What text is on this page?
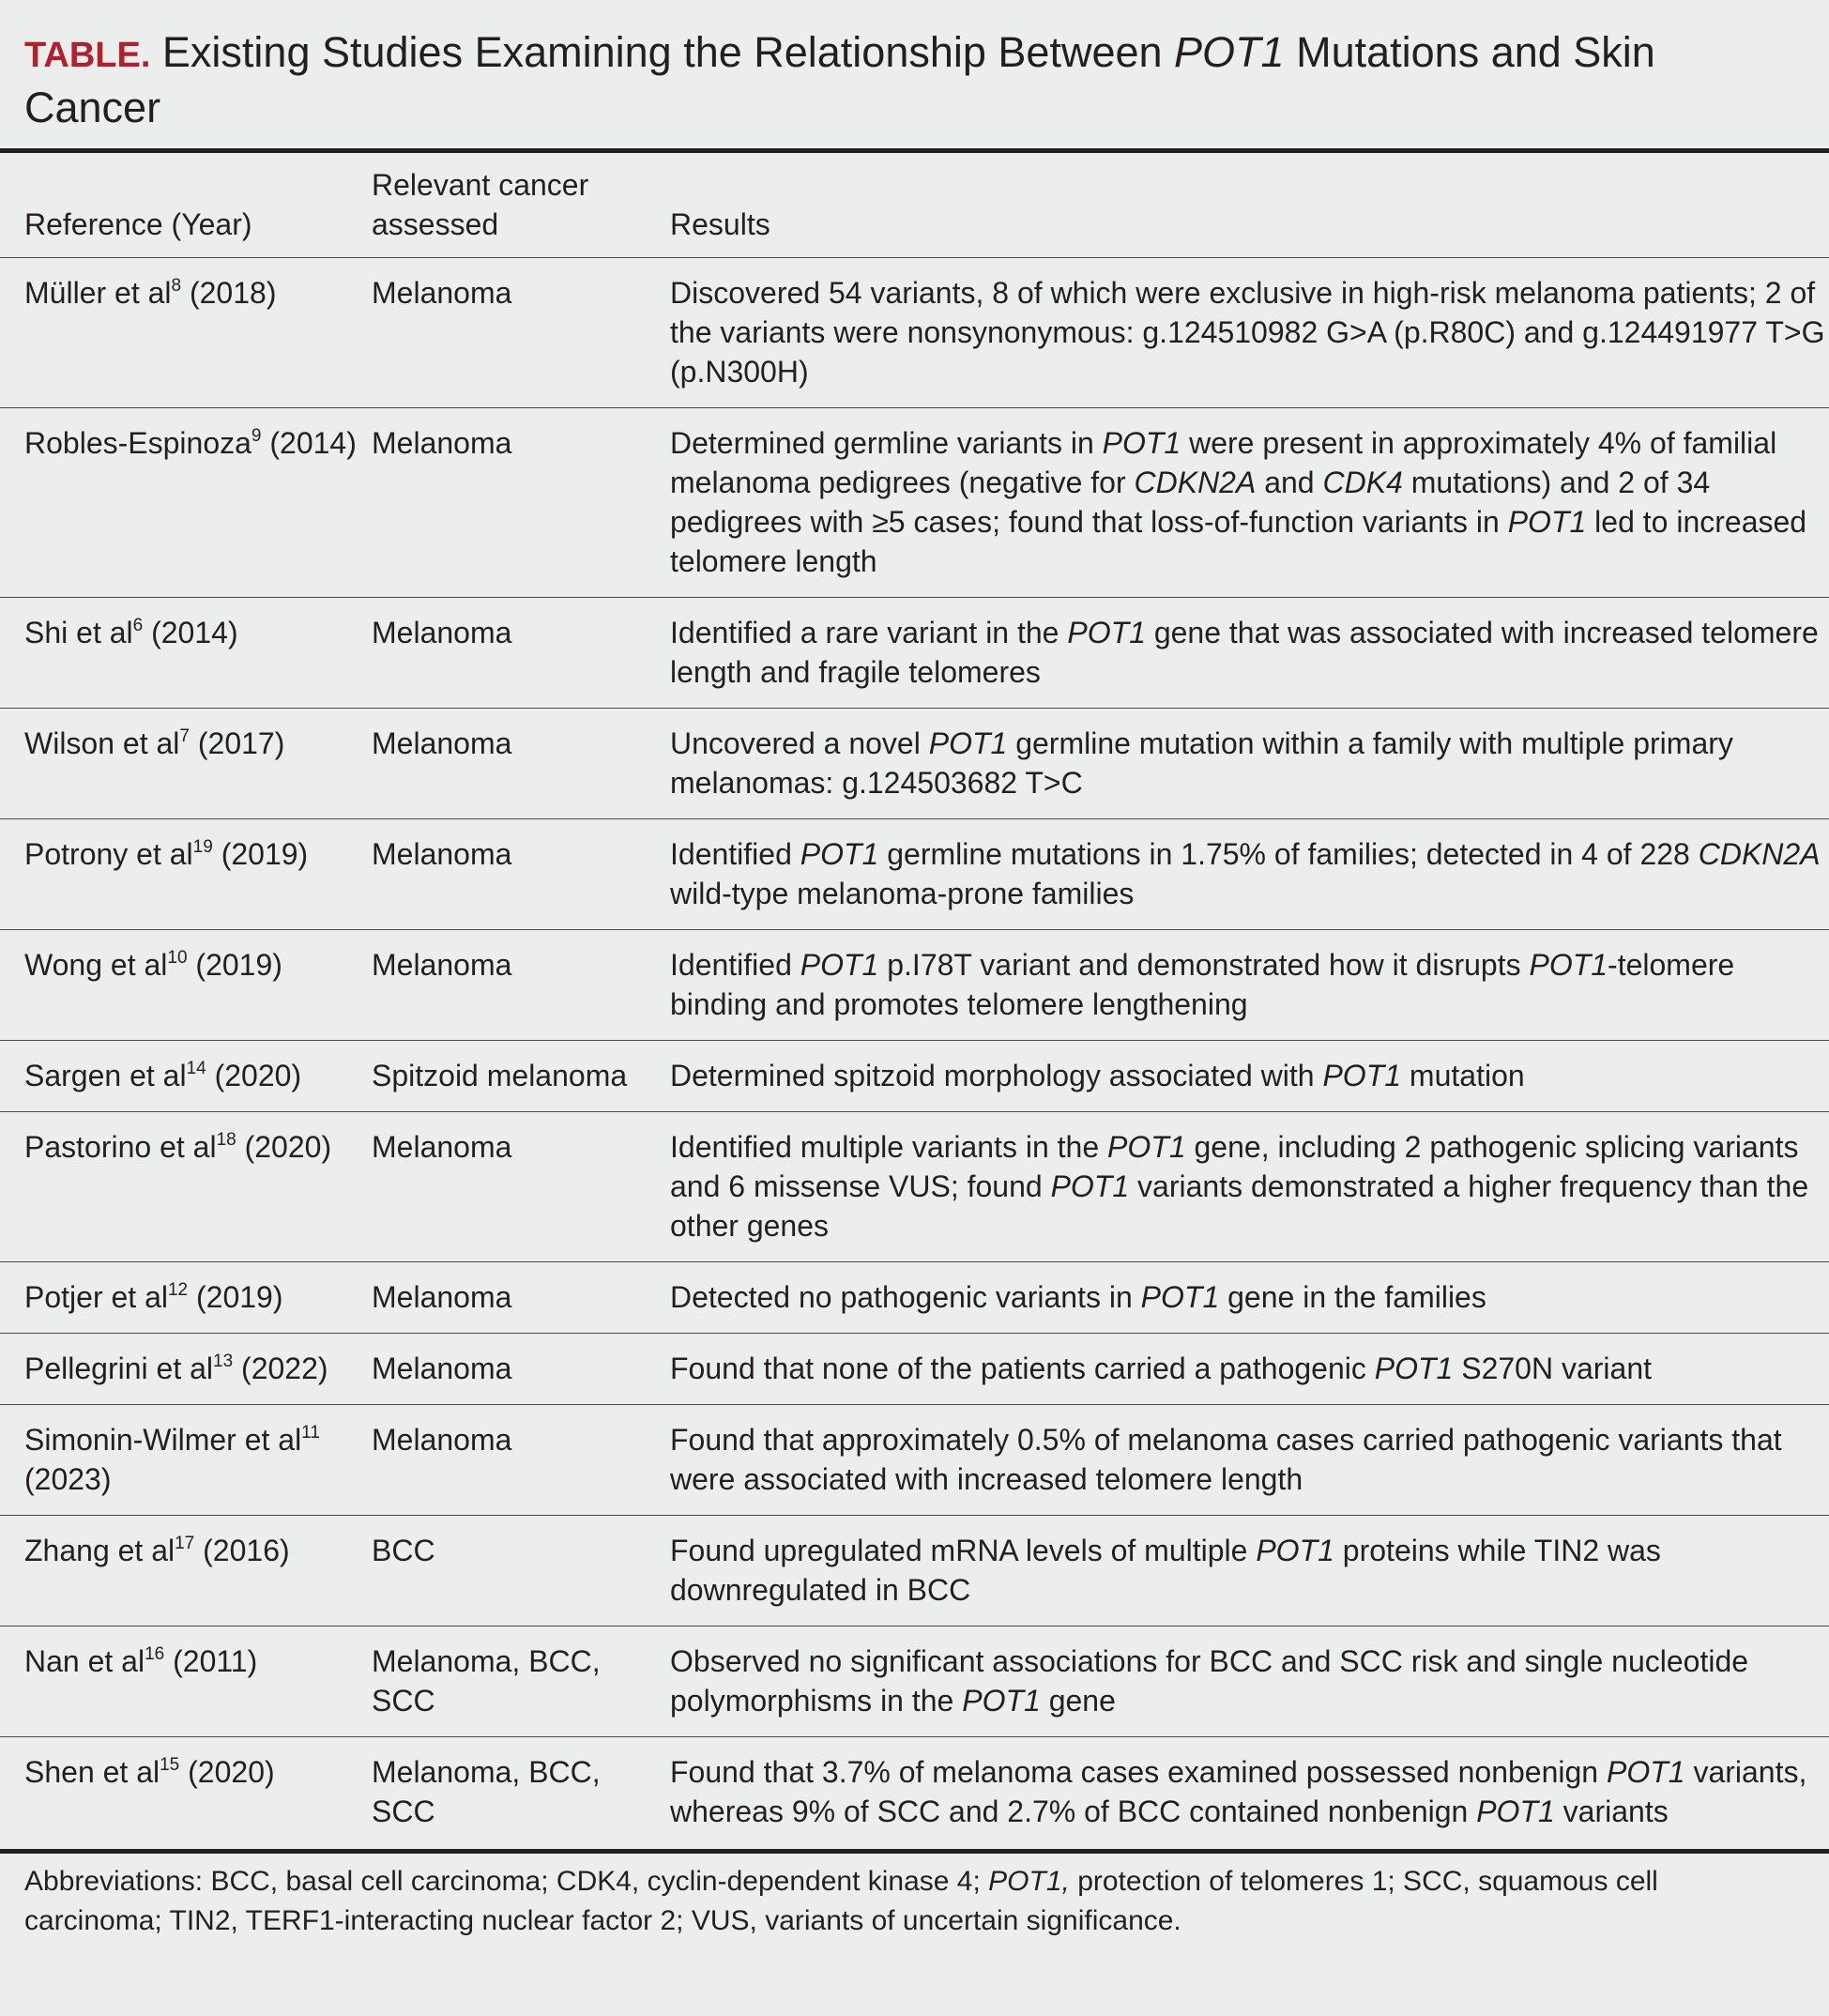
TABLE. Existing Studies Examining the Relationship Between POT1 Mutations and Skin Cancer
Reference (Year)	Relevant cancer assessed	Results
Müller et $al^8$ (2018)	Melanoma	Discovered 54 variants, 8 of which were exclusive in high-risk melanoma patients; 2 of the variants were nonsynonymous: g.124510982 G>A (p.R80C) and g.124491977 T>G (p.N300H)
Robles-Espinoza$^9$ (2014)	Melanoma	Determined germline variants in POT1 were present in approximately 4% of familial melanoma pedigrees (negative for CDKN2A and CDK4 mutations) and 2 of 34 pedigrees with ≥5 cases; found that loss-of-function variants in POT1 led to increased telomere length
Shi et $al^6$ (2014)	Melanoma	Identified a rare variant in the POT1 gene that was associated with increased telomere length and fragile telomeres
Wilson et $al^7$ (2017)	Melanoma	Uncovered a novel POT1 germline mutation within a family with multiple primary melanomas: g.124503682 T>C
Potrony et $al^{19}$ (2019)	Melanoma	Identified POT1 germline mutations in 1.75% of families; detected in 4 of 228 CDKN2A wild-type melanoma-prone families
Wong et $al^{10}$ (2019)	Melanoma	Identified POT1 p.I78T variant and demonstrated how it disrupts POT1-telomere binding and promotes telomere lengthening
Sargen et $al^{14}$ (2020)	Spitzoid melanoma	Determined spitzoid morphology associated with POT1 mutation
Pastorino et $al^{18}$ (2020)	Melanoma	Identified multiple variants in the POT1 gene, including 2 pathogenic splicing variants and 6 missense VUS; found POT1 variants demonstrated a higher frequency than the other genes
Potjer et $al^{12}$ (2019)	Melanoma	Detected no pathogenic variants in POT1 gene in the families
Pellegrini et $al^{13}$ (2022)	Melanoma	Found that none of the patients carried a pathogenic POT1 S270N variant
Simonin-Wilmer et $al^{11}$ (2023)	Melanoma	Found that approximately 0.5% of melanoma cases carried pathogenic variants that were associated with increased telomere length
Zhang et $al^{17}$ (2016)	BCC	Found upregulated mRNA levels of multiple POT1 proteins while TIN2 was downregulated in BCC
Nan et $al^{16}$ (2011)	Melanoma, BCC, SCC	Observed no significant associations for BCC and SCC risk and single nucleotide polymorphisms in the POT1 gene
Shen et $al^{15}$ (2020)	Melanoma, BCC, SCC	Found that 3.7% of melanoma cases examined possessed nonbenign POT1 variants, whereas 9% of SCC and 2.7% of BCC contained nonbenign POT1 variants
Abbreviations: BCC, basal cell carcinoma; CDK4, cyclin-dependent kinase 4; POT1, protection of telomeres 1; SCC, squamous cell carcinoma; TIN2, TERF1-interacting nuclear factor 2; VUS, variants of uncertain significance.
